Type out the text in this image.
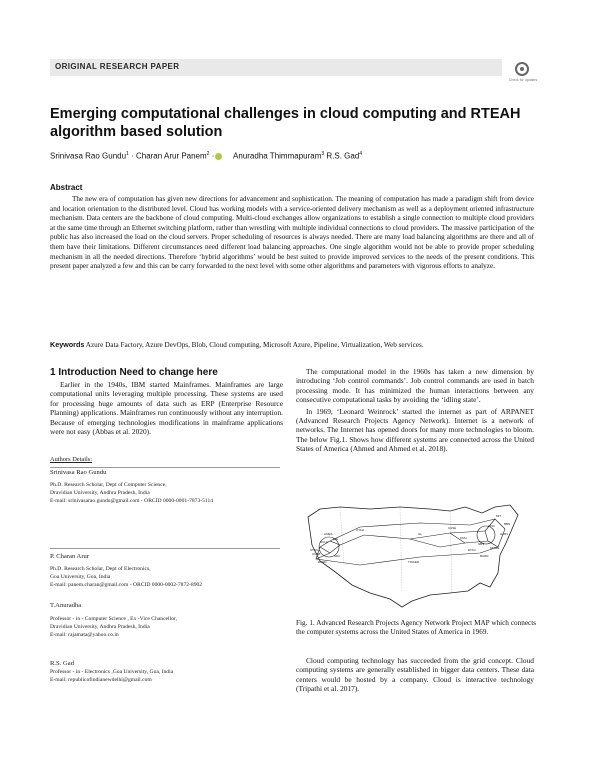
ORIGINAL RESEARCH PAPER
Check for updates
Emerging computational challenges in cloud computing and RTEAH algorithm based solution
Srinivasa Rao Gundu$^1$ · Charan Arur Panem$^2$ · Anuradha Thimmapuram$^3$ R.S. Gad$^4$
Abstract
The new era of computation has given new directions for advancement and sophistication. The meaning of computation has made a paradigm shift from device and location orientation to the distributed level. Cloud has working models with a service-oriented delivery mechanism as well as a deployment oriented infrastructure mechanism. Data centers are the backbone of cloud computing. Multi-cloud exchanges allow organizations to establish a single connection to multiple cloud providers at the same time through an Ethernet switching platform, rather than wrestling with multiple individual connections to cloud providers. The massive participation of the public has also increased the load on the cloud servers. Proper scheduling of resources is always needed. There are many load balancing algorithms are there and all of them have their limitations. Different circumstances need different load balancing approaches. One single algorithm would not be able to provide proper scheduling mechanism in all the needed directions. Therefore ‘hybrid algorithms’ would be best suited to provide improved services to the needs of the present conditions. This present paper analyzed a few and this can be carry forwarded to the next level with some other algorithms and parameters with vigorous efforts to analyze.
Keywords Azure Data Factory, Azure DevOps, Blob, Cloud computing, Microsoft Azure, Pipeline, Virtualization, Web services.
1 Introduction Need to change here
Earlier in the 1940s, IBM started Mainframes. Mainframes are large computational units leveraging multiple processing. These systems are used for processing huge amounts of data such as ERP (Enterprise Resource Planning) applications. Mainframes run continuously without any interruption. Because of emerging technologies modifications in mainframe applications were not easy (Abbas et al. 2020).

The computational model in the 1960s has taken a new dimension by introducing ‘Job control commands’. Job control commands are used in batch processing mode. It has minimized the human interactions between any consecutive computational tasks by avoiding the ‘idling state’.

In 1969, ‘Leonard Weinrock’ started the internet as part of ARPANET (Advanced Research Projects Agency Network). Internet is a network of networks. The Internet has opened doors for many more technologies to bloom. The below Fig.1. Shows how different systems are connected across the United States of America (Ahmed and Ahmed et al. 2018).

UCLA
SRI
UCSB
UTAH
MIT
BBN
RAND
SDC
HARV
CMU
CASE
ILL
LINC
MITRE
BURR
NBS
ETAC
AMES
TINKER
STAN
Fig. 1. Advanced Research Projects Agency Network Project MAP which connects the computer systems across the United States of America in 1969.

Cloud computing technology has succeeded from the grid concept. Cloud computing systems are generally established in bigger data centers. These data centers would be hosted by a company. Cloud is interactive technology (Tripathi et al. 2017).

Authors Details:
Srinivasa Rao Gundu
Ph.D. Research Scholar, Dept of Computer Science,
Dravidian University, Andhra Pradesh, India
E-mail: srinivasarao.gundu@gmail.com - ORCID 0000-0001-7873-5114
P. Charan Arur
Ph.D. Research Scholar, Dept of Electronics,
Goa University, Goa, India
E-mail: panem.charan@gmail.com - ORCID 0000-0002-7872-8902
T.Anuradha
Professor - in - Computer Science , Ex -Vice Chancellor,
Dravidian University, Andhra Pradesh, India
E-mail: rajamata@yahoo.co.in
R.S. Gad
Professor - in - Electronics ,Goa University, Goa, India
E-mail: republicofindianewdelhi@gmail.com
